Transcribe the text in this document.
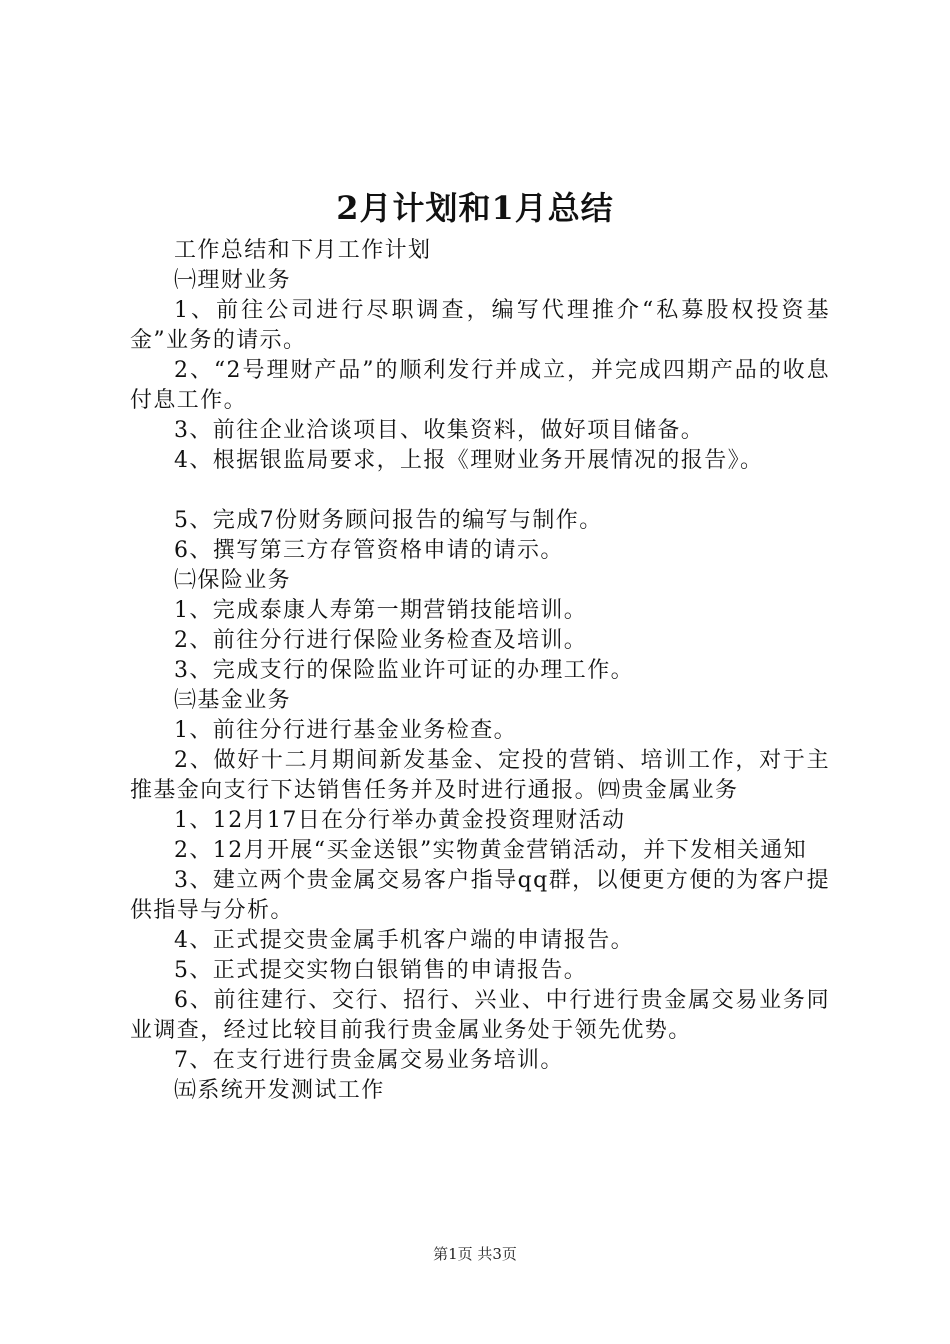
2月计划和1月总结

工作总结和下月工作计划

㈠理财业务

1、前往公司进行尽职调查，编写代理推介“私募股权投资基金”业务的请示。

2、“2号理财产品”的顺利发行并成立，并完成四期产品的收息付息工作。

3、前往企业洽谈项目、收集资料，做好项目储备。

4、根据银监局要求，上报《理财业务开展情况的报告》。

5、完成7份财务顾问报告的编写与制作。

6、撰写第三方存管资格申请的请示。

㈡保险业务

1、完成泰康人寿第一期营销技能培训。

2、前往分行进行保险业务检查及培训。

3、完成支行的保险监业许可证的办理工作。

㈢基金业务

1、前往分行进行基金业务检查。

2、做好十二月期间新发基金、定投的营销、培训工作，对于主推基金向支行下达销售任务并及时进行通报。㈣贵金属业务

1、12月17日在分行举办黄金投资理财活动

2、12月开展“买金送银”实物黄金营销活动，并下发相关通知

3、建立两个贵金属交易客户指导qq群，以便更方便的为客户提供指导与分析。

4、正式提交贵金属手机客户端的申请报告。

5、正式提交实物白银销售的申请报告。

6、前往建行、交行、招行、兴业、中行进行贵金属交易业务同业调查，经过比较目前我行贵金属业务处于领先优势。

7、在支行进行贵金属交易业务培训。

㈤系统开发测试工作

第1页 共3页
